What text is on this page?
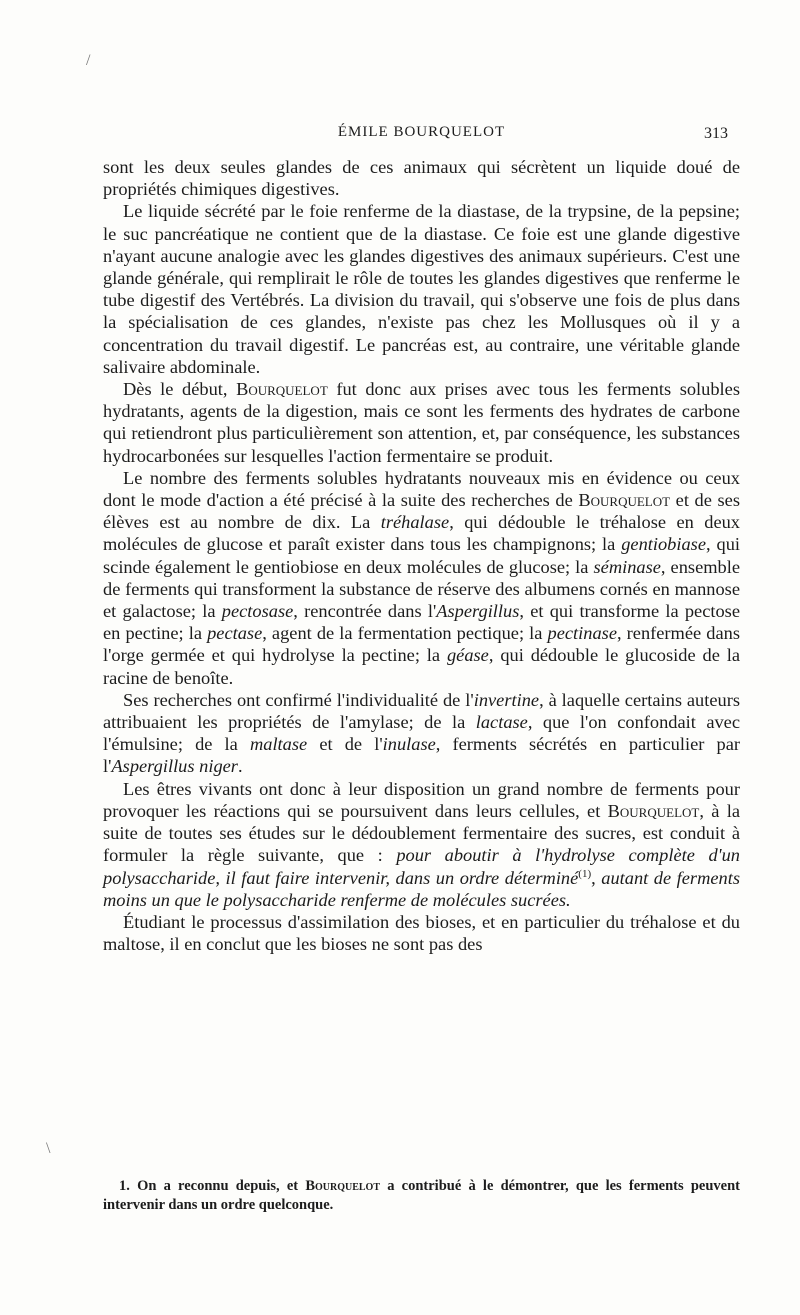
ÉMILE BOURQUELOT	313

sont les deux seules glandes de ces animaux qui sécrètent un liquide doué de propriétés chimiques digestives.

Le liquide sécrété par le foie renferme de la diastase, de la trypsine, de la pepsine; le suc pancréatique ne contient que de la diastase. Ce foie est une glande digestive n'ayant aucune analogie avec les glandes digestives des animaux supérieurs. C'est une glande générale, qui remplirait le rôle de toutes les glandes digestives que renferme le tube digestif des Vertébrés. La division du travail, qui s'observe une fois de plus dans la spécialisation de ces glandes, n'existe pas chez les Mollusques où il y a concentration du travail digestif. Le pancréas est, au contraire, une véritable glande salivaire abdominale.

Dès le début, Bourquelot fut donc aux prises avec tous les ferments solubles hydratants, agents de la digestion, mais ce sont les ferments des hydrates de carbone qui retiendront plus particulièrement son attention, et, par conséquence, les substances hydrocarbonées sur lesquelles l'action fermentaire se produit.

Le nombre des ferments solubles hydratants nouveaux mis en évidence ou ceux dont le mode d'action a été précisé à la suite des recherches de Bourquelot et de ses élèves est au nombre de dix. La tréhalase, qui dédouble le tréhalose en deux molécules de glucose et paraît exister dans tous les champignons; la gentiobiase, qui scinde également le gentiobiose en deux molécules de glucose; la séminase, ensemble de ferments qui transforment la substance de réserve des albumens cornés en mannose et galactose; la pectosase, rencontrée dans l'Aspergillus, et qui transforme la pectose en pectine; la pectase, agent de la fermentation pectique; la pectinase, renfermée dans l'orge germée et qui hydrolyse la pectine; la géase, qui dédouble le glucoside de la racine de benoîte.

Ses recherches ont confirmé l'individualité de l'invertine, à laquelle certains auteurs attribuaient les propriétés de l'amylase; de la lactase, que l'on confondait avec l'émulsine; de la maltase et de l'inulase, ferments sécrétés en particulier par l'Aspergillus niger.

Les êtres vivants ont donc à leur disposition un grand nombre de ferments pour provoquer les réactions qui se poursuivent dans leurs cellules, et Bourquelot, à la suite de toutes ses études sur le dédoublement fermentaire des sucres, est conduit à formuler la règle suivante, que : pour aboutir à l'hydrolyse complète d'un polysaccharide, il faut faire intervenir, dans un ordre déterminé$^{(1)}$, autant de ferments moins un que le polysaccharide renferme de molécules sucrées.

Étudiant le processus d'assimilation des bioses, et en particulier du tréhalose et du maltose, il en conclut que les bioses ne sont pas des

1. On a reconnu depuis, et Bourquelot a contribué à le démontrer, que les ferments peuvent intervenir dans un ordre quelconque.
/
\
